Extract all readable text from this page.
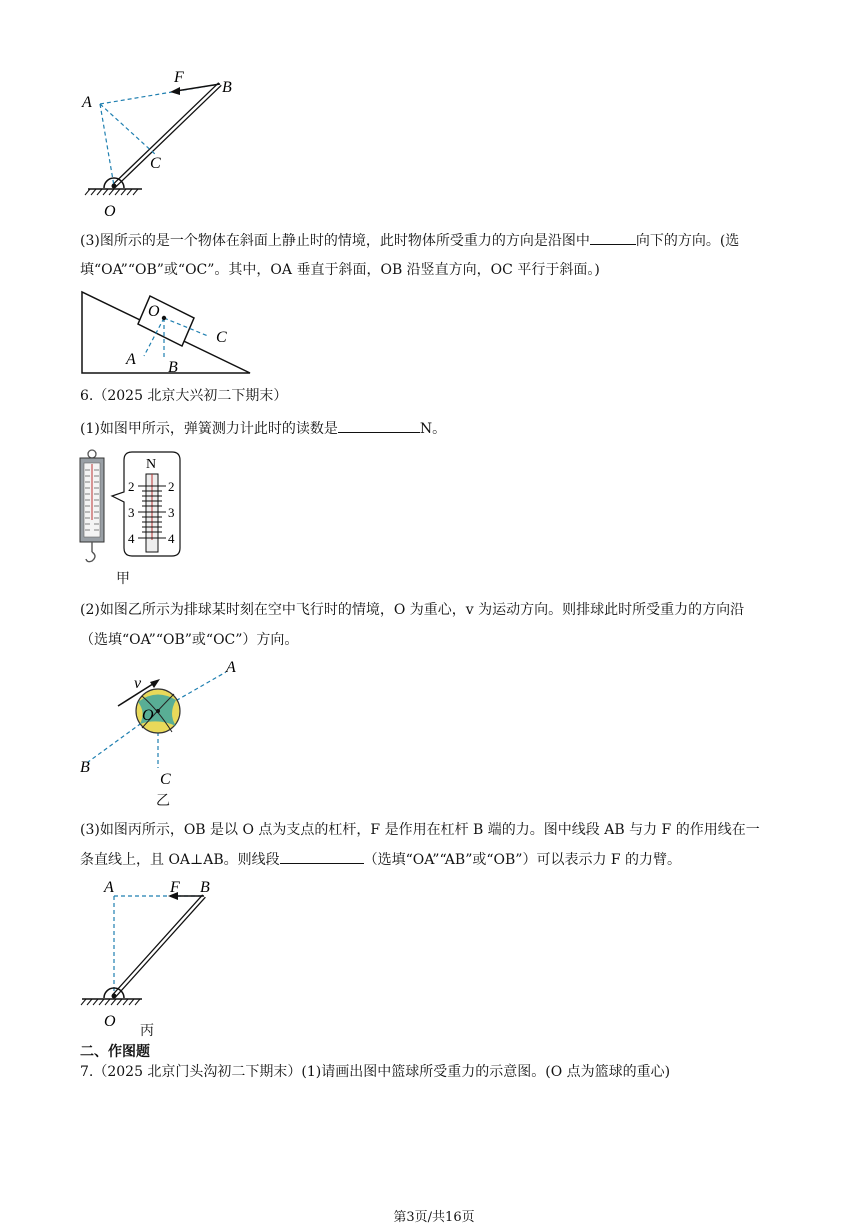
F
A
B
C
O
(3)图所示的是一个物体在斜面上静止时的情境，此时物体所受重力的方向是沿图中	向下的方向。(选
填“OA”“OB”或“OC”。其中，OA 垂直于斜面，OB 沿竖直方向，OC 平行于斜面。)
O
C
A B
6.（2025 北京大兴初二下期末）
(1)如图甲所示，弹簧测力计此时的读数是	N。
N
2
3
4
2
3
4
甲
(2)如图乙所示为排球某时刻在空中飞行时的情境，O 为重心，v 为运动方向。则排球此时所受重力的方向沿
（选填“OA”“OB”或“OC”）方向。
v
O
A
B
C
乙
(3)如图丙所示，OB 是以 O 点为支点的杠杆，F 是作用在杠杆 B 端的力。图中线段 AB 与力 F 的作用线在一
条直线上，且 OA⊥AB。则线段	（选填“OA”“AB”或“OB”）可以表示力 F 的力臂。
A	F B
O
丙
二、作图题
7.（2025 北京门头沟初二下期末）(1)请画出图中篮球所受重力的示意图。(O 点为篮球的重心)
第3页/共16页
